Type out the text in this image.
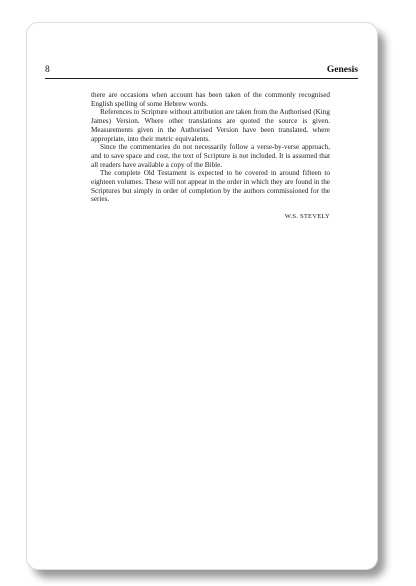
8	Genesis

there are occasions when account has been taken of the commonly recognised English spelling of some Hebrew words.

References to Scripture without attribution are taken from the Authorised (King James) Version. Where other translations are quoted the source is given. Measurements given in the Authorised Version have been translated, where appropriate, into their metric equivalents.

Since the commentaries do not necessarily follow a verse-by-verse approach, and to save space and cost, the text of Scripture is not included. It is assumed that all readers have available a copy of the Bible.

The complete Old Testament is expected to be covered in around fifteen to eighteen volumes. These will not appear in the order in which they are found in the Scriptures but simply in order of completion by the authors commissioned for the series.

W.S. STEVELY
